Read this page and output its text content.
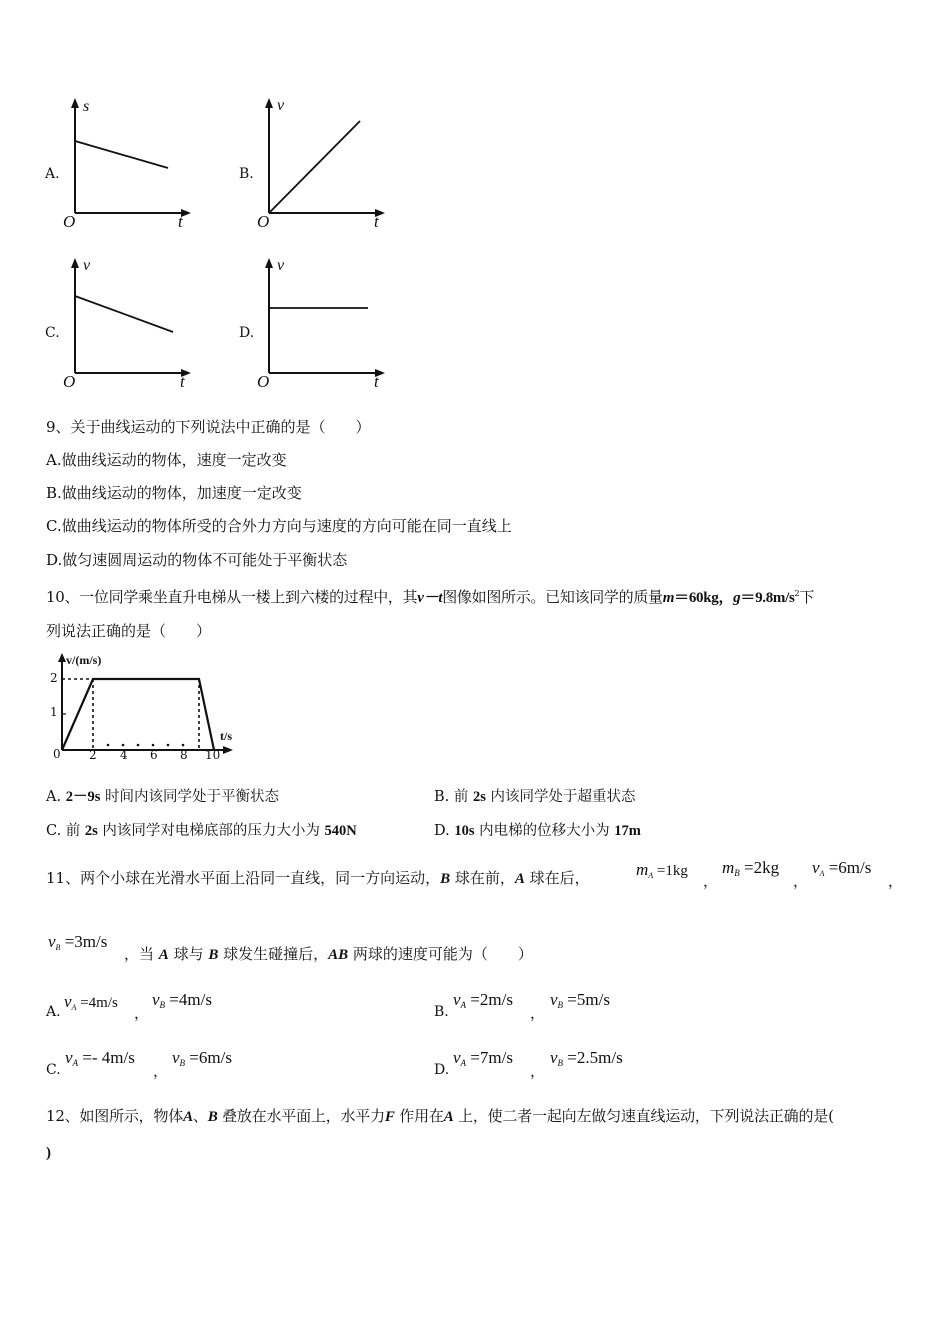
A.
s
O	t
B.
v
O	t
C.
v
O	t
D.
v
O	t
9、关于曲线运动的下列说法中正确的是（　　）
A.做曲线运动的物体，速度一定改变
B.做曲线运动的物体，加速度一定改变
C.做曲线运动的物体所受的合外力方向与速度的方向可能在同一直线上
D.做匀速圆周运动的物体不可能处于平衡状态
10、一位同学乘坐直升电梯从一楼上到六楼的过程中，其v－t图像如图所示。已知该同学的质量m＝60kg，$g=9.8m/s^2$下
列说法正确的是（　　）
v/(m/s)
t/s
0
1
2
2 4 6 8 10
A. 2－9s 时间内该同学处于平衡状态	B. 前 2s 内该同学处于超重状态
C. 前 2s 内该同学对电梯底部的压力大小为 540N	D. 10s 内电梯的位移大小为 17m
11、两个小球在光滑水平面上沿同一直线，同一方向运动，B 球在前，A 球在后，	$m_A =1kg$
，
$m_B =2kg$
，
$v_A =6m/s$
，
$v_B =3m/s$
，当 A 球与 B 球发生碰撞后，AB 两球的速度可能为（　　）
A.
$v_A =4m/s$
，
$v_B =4m/s$
B.
$v_A =2m/s$
，
$v_B =5m/s$
C.
$v_A =- 4m/s$
，
$v_B =6m/s$
D.
$v_A =7m/s$
，
$v_B =2.5m/s$
12、如图所示，物体A、B 叠放在水平面上，水平力F 作用在A 上，使二者一起向左做匀速直线运动，下列说法正确的是(
)
